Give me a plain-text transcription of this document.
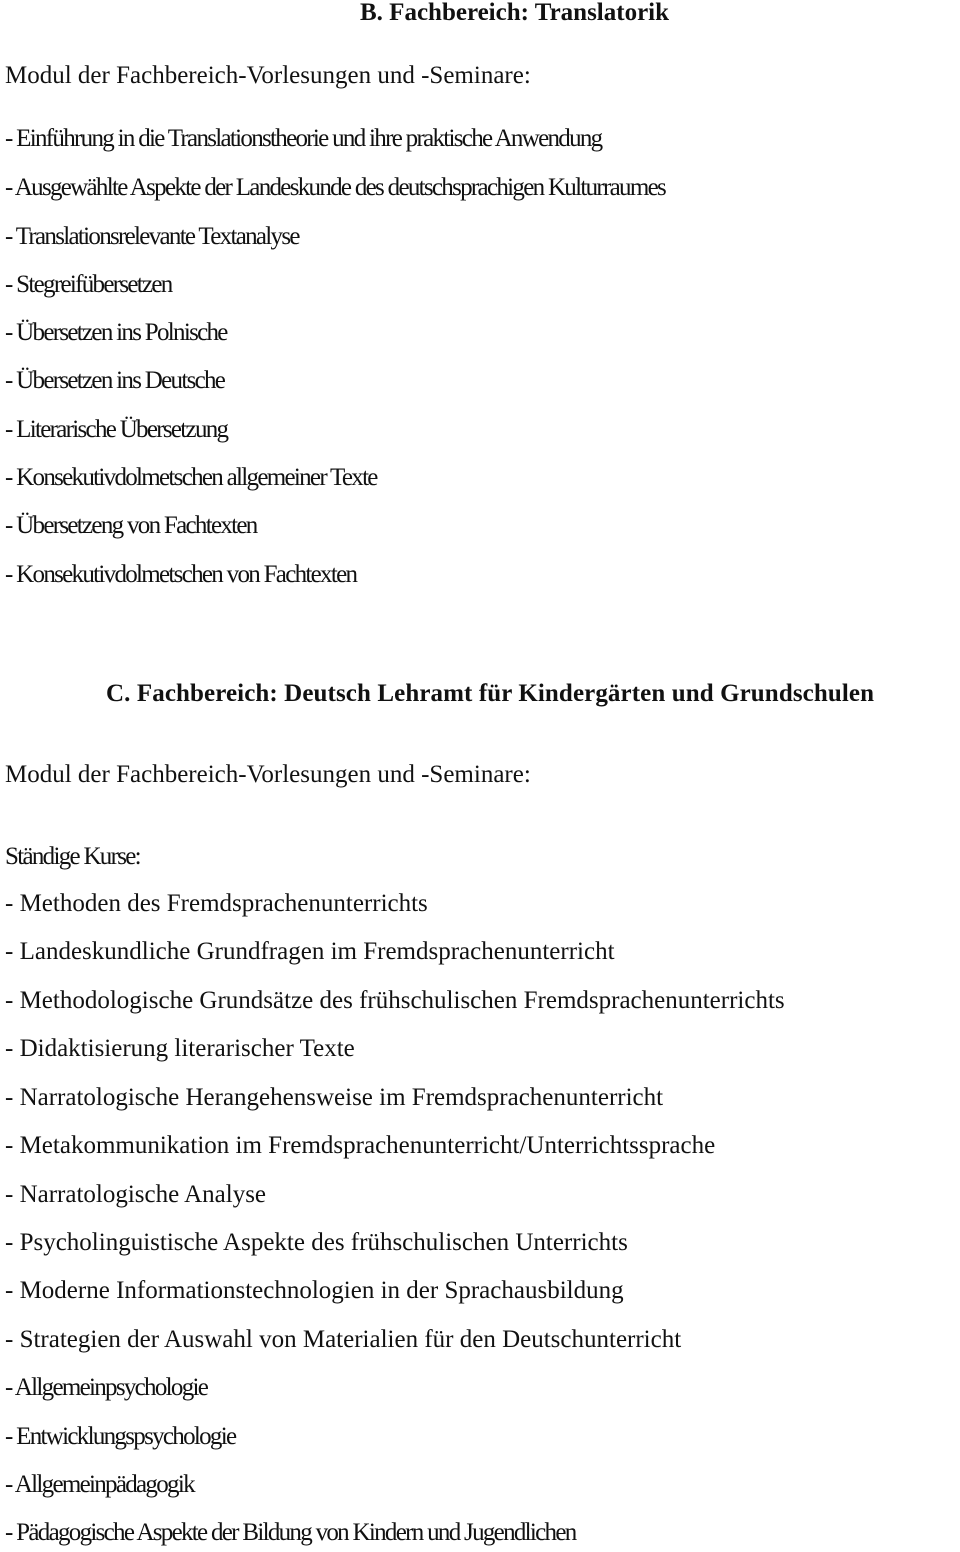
B. Fachbereich: Translatorik
Modul der Fachbereich-Vorlesungen und -Seminare:
- Einführung in die Translationstheorie und ihre praktische Anwendung
- Ausgewählte Aspekte der Landeskunde des deutschsprachigen Kulturraumes
- Translationsrelevante Textanalyse
- Stegreifübersetzen
- Übersetzen ins Polnische
- Übersetzen ins Deutsche
- Literarische Übersetzung
- Konsekutivdolmetschen allgemeiner Texte
- Übersetzeng von Fachtexten
- Konsekutivdolmetschen von Fachtexten
C. Fachbereich: Deutsch Lehramt für Kindergärten und Grundschulen
Modul der Fachbereich-Vorlesungen und -Seminare:
Ständige Kurse:
- Methoden des Fremdsprachenunterrichts
- Landeskundliche Grundfragen im Fremdsprachenunterricht
- Methodologische Grundsätze des frühschulischen Fremdsprachenunterrichts
- Didaktisierung literarischer Texte
- Narratologische Herangehensweise im Fremdsprachenunterricht
- Metakommunikation im Fremdsprachenunterricht/Unterrichtssprache
- Narratologische Analyse
- Psycholinguistische Aspekte des frühschulischen Unterrichts
- Moderne Informationstechnologien in der Sprachausbildung
- Strategien der Auswahl von Materialien für den Deutschunterricht
- Allgemeinpsychologie
- Entwicklungspsychologie
- Allgemeinpädagogik
- Pädagogische Aspekte der Bildung von Kindern und Jugendlichen
